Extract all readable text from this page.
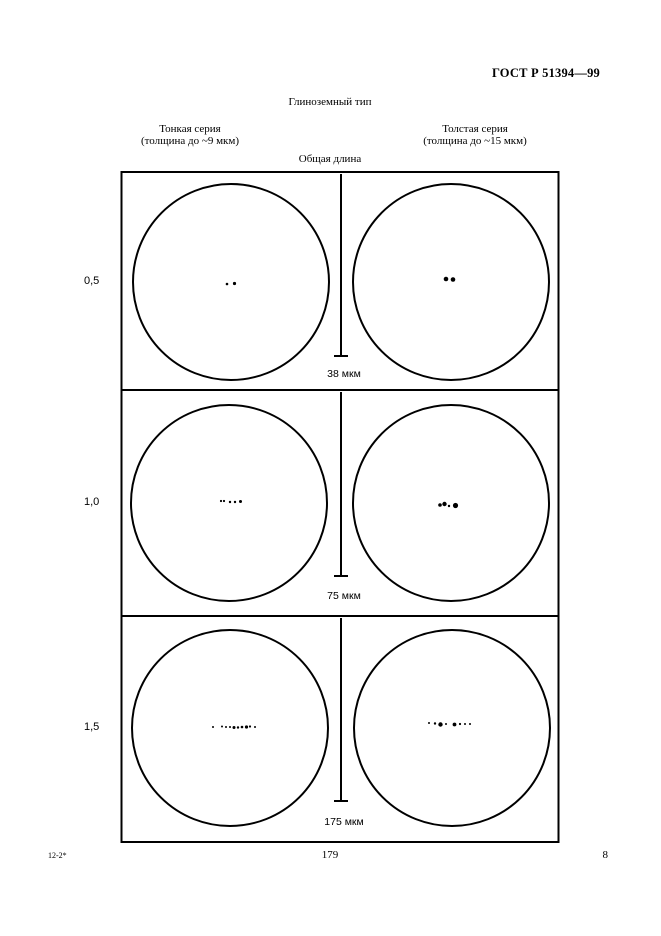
ГОСТ Р 51394—99
Глиноземный тип
Тонкая серия
(толщина до ~9 мкм)
Толстая серия
(толщина до ~15 мкм)
Общая длина
0,5
1,0
1,5
38 мкм
75 мкм
175 мкм
12-2*	179	8
